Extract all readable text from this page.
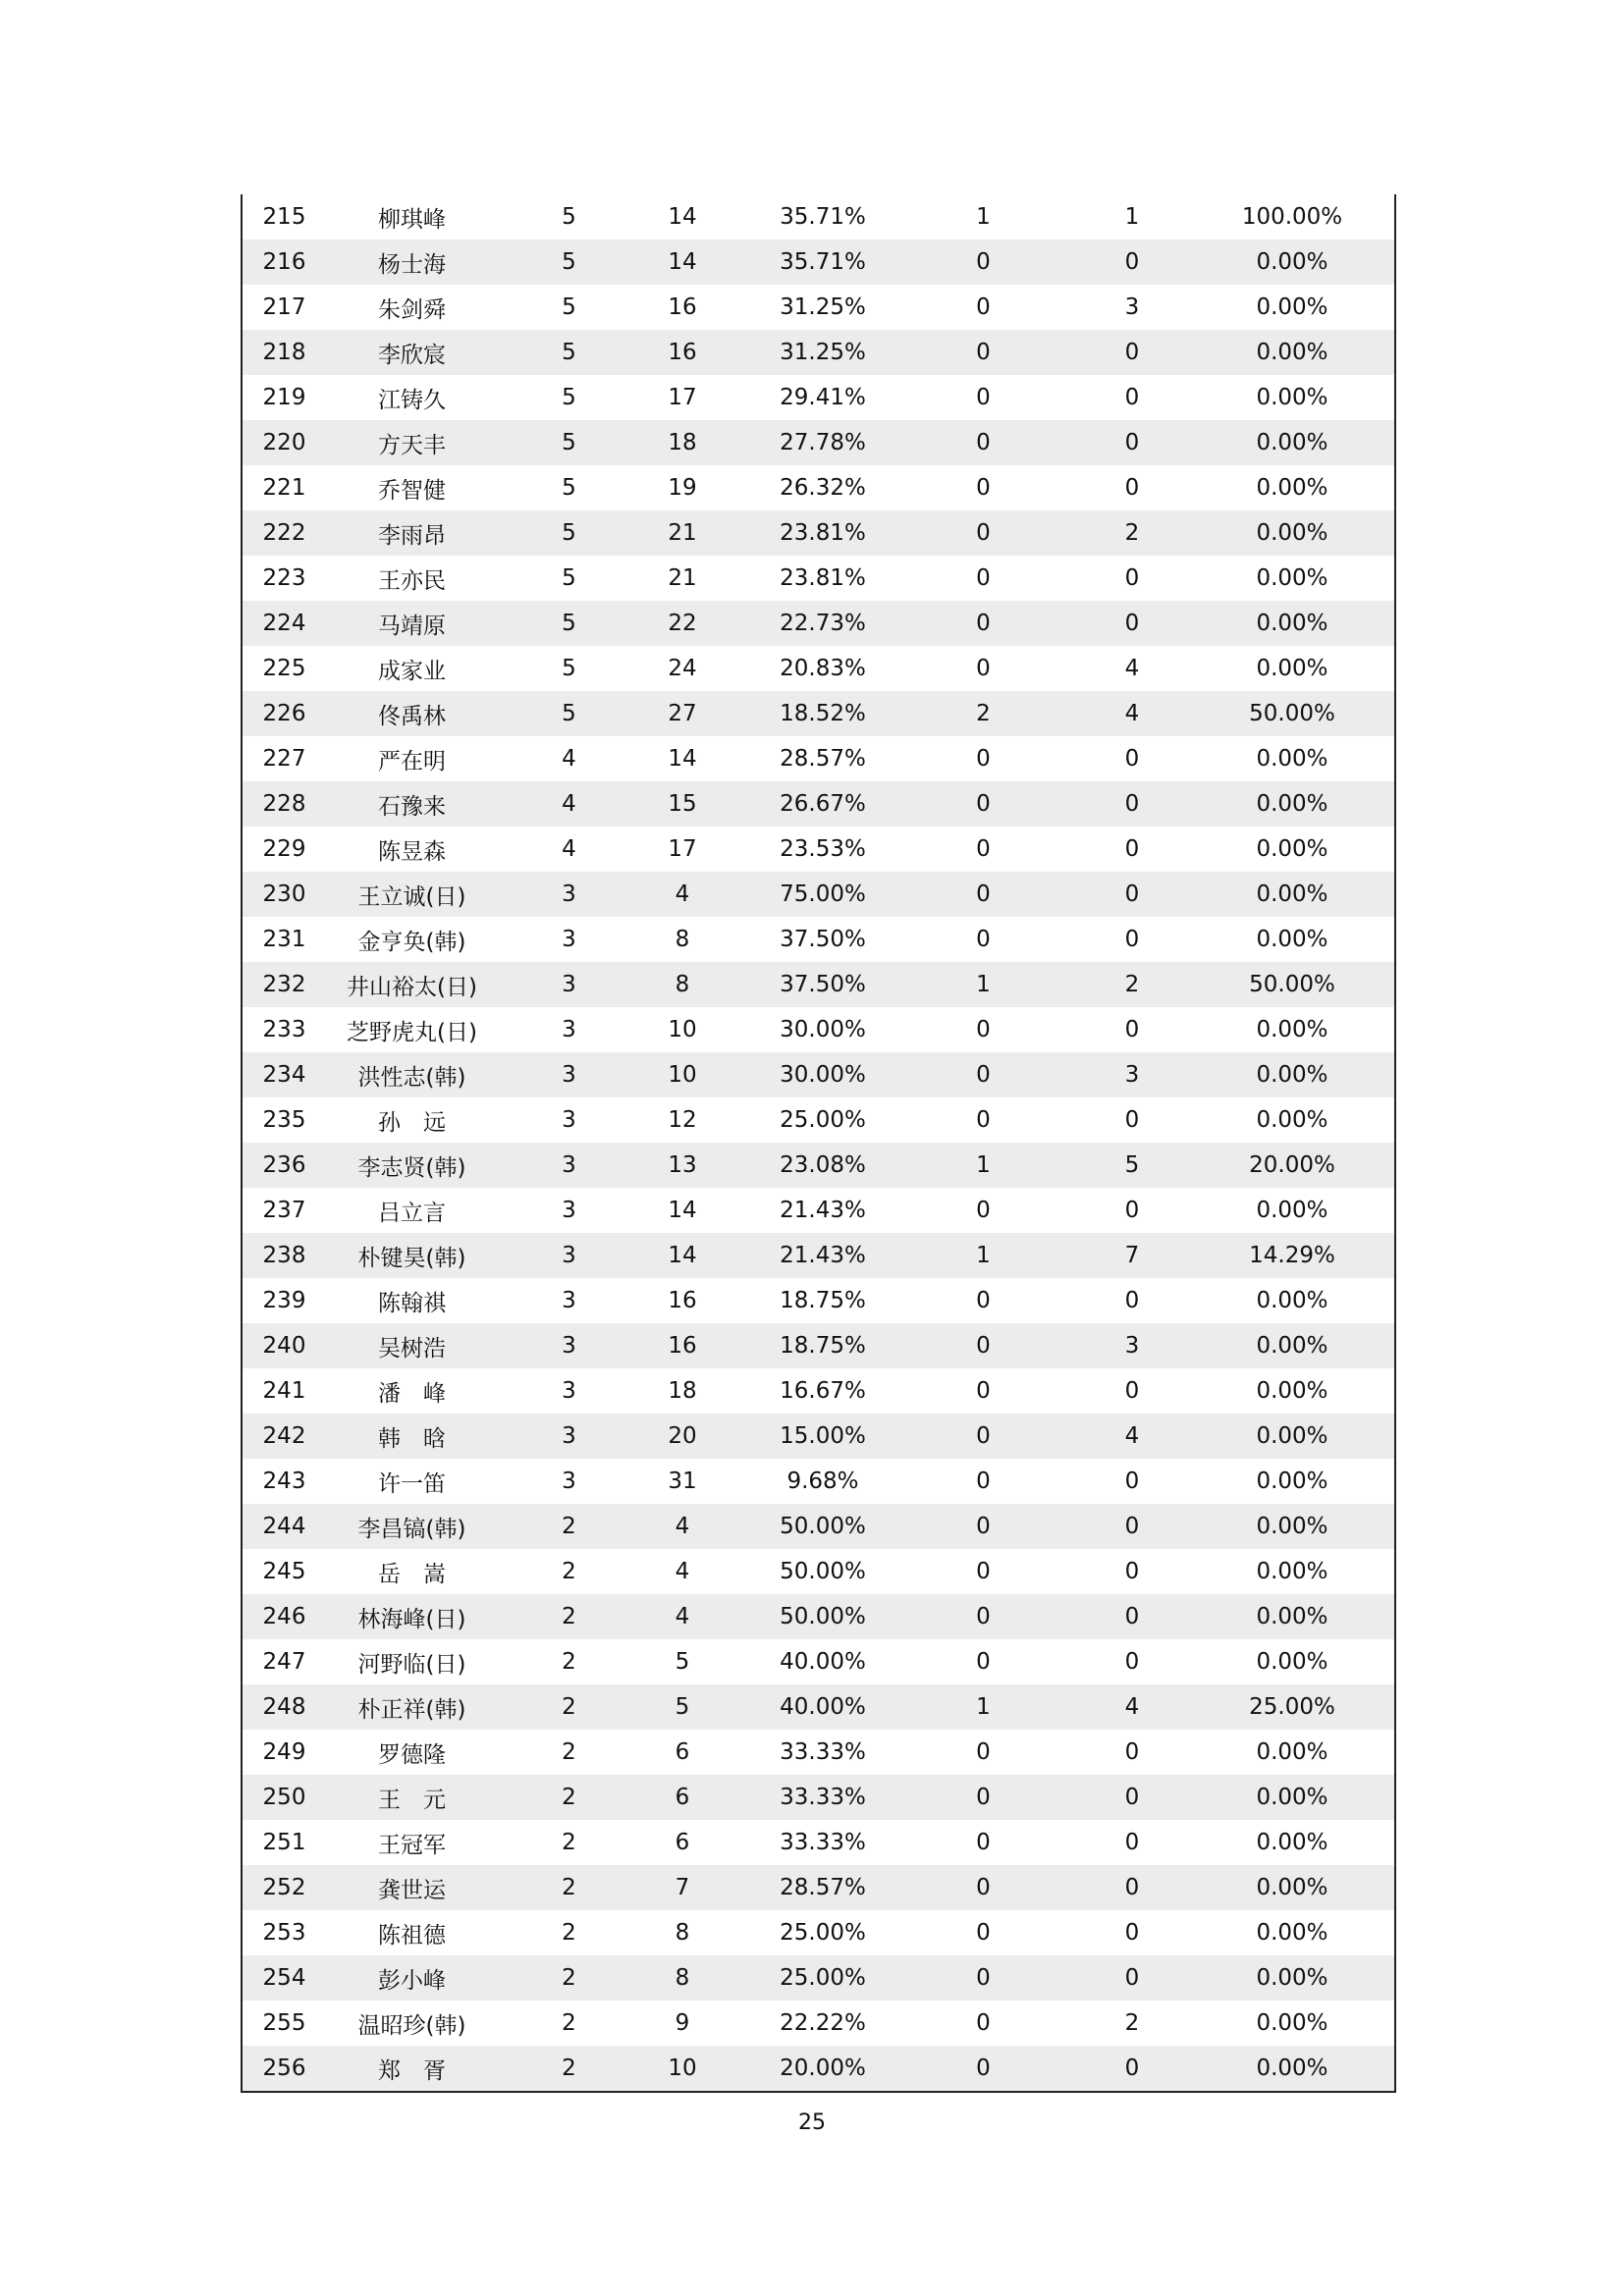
215	柳琪峰	5	14	35.71%	1	1	100.00%
216	杨士海	5	14	35.71%	0	0	0.00%
217	朱剑舜	5	16	31.25%	0	3	0.00%
218	李欣宸	5	16	31.25%	0	0	0.00%
219	江铸久	5	17	29.41%	0	0	0.00%
220	方天丰	5	18	27.78%	0	0	0.00%
221	乔智健	5	19	26.32%	0	0	0.00%
222	李雨昂	5	21	23.81%	0	2	0.00%
223	王亦民	5	21	23.81%	0	0	0.00%
224	马靖原	5	22	22.73%	0	0	0.00%
225	成家业	5	24	20.83%	0	4	0.00%
226	佟禹林	5	27	18.52%	2	4	50.00%
227	严在明	4	14	28.57%	0	0	0.00%
228	石豫来	4	15	26.67%	0	0	0.00%
229	陈昱森	4	17	23.53%	0	0	0.00%
230	王立诚(日)	3	4	75.00%	0	0	0.00%
231	金亨奂(韩)	3	8	37.50%	0	0	0.00%
232	井山裕太(日)	3	8	37.50%	1	2	50.00%
233	芝野虎丸(日)	3	10	30.00%	0	0	0.00%
234	洪性志(韩)	3	10	30.00%	0	3	0.00%
235	孙　远	3	12	25.00%	0	0	0.00%
236	李志贤(韩)	3	13	23.08%	1	5	20.00%
237	吕立言	3	14	21.43%	0	0	0.00%
238	朴键昊(韩)	3	14	21.43%	1	7	14.29%
239	陈翰祺	3	16	18.75%	0	0	0.00%
240	吴树浩	3	16	18.75%	0	3	0.00%
241	潘　峰	3	18	16.67%	0	0	0.00%
242	韩　晗	3	20	15.00%	0	4	0.00%
243	许一笛	3	31	9.68%	0	0	0.00%
244	李昌镐(韩)	2	4	50.00%	0	0	0.00%
245	岳　嵩	2	4	50.00%	0	0	0.00%
246	林海峰(日)	2	4	50.00%	0	0	0.00%
247	河野临(日)	2	5	40.00%	0	0	0.00%
248	朴正祥(韩)	2	5	40.00%	1	4	25.00%
249	罗德隆	2	6	33.33%	0	0	0.00%
250	王　元	2	6	33.33%	0	0	0.00%
251	王冠军	2	6	33.33%	0	0	0.00%
252	龚世运	2	7	28.57%	0	0	0.00%
253	陈祖德	2	8	25.00%	0	0	0.00%
254	彭小峰	2	8	25.00%	0	0	0.00%
255	温昭珍(韩)	2	9	22.22%	0	2	0.00%
256	郑　胥	2	10	20.00%	0	0	0.00%
25
